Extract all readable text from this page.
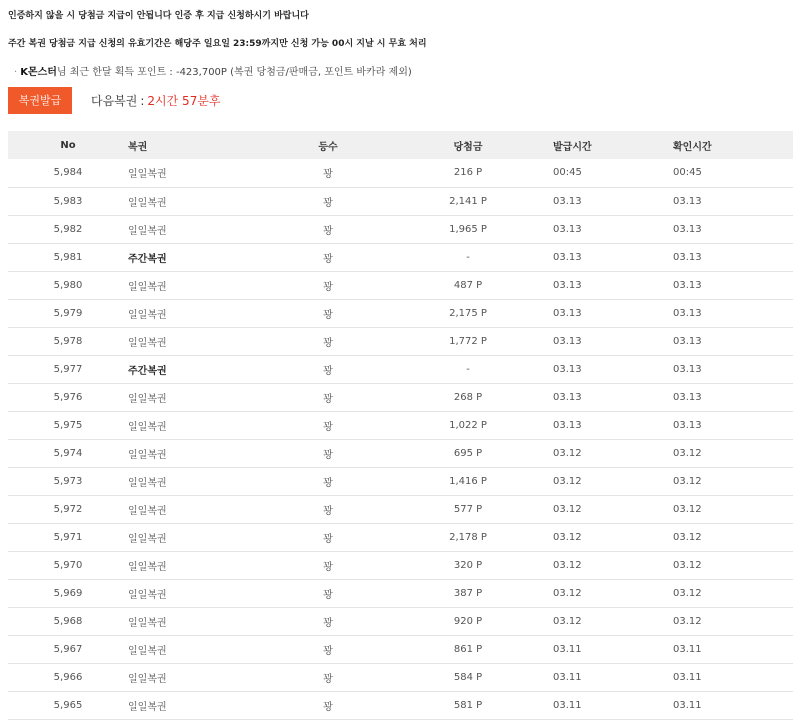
인증하지 않을 시 당첨금 지급이 안됩니다 인증 후 지급 신청하시기 바랍니다
주간 복권 당첨금 지급 신청의 유효기간은 해당주 일요일 23:59까지만 신청 가능 00시 지날 시 무효 처리
· K몬스터님 최근 한달 획득 포인트 : -423,700P (복권 당첨금/판매금, 포인트 바카라 제외)
복권발급	다음복권 : 2시간 57분후
No	복권	등수	당첨금	발급시간	확인시간
5,984	일일복권	꽝	216 P	00:45	00:45
5,983	일일복권	꽝	2,141 P	03.13	03.13
5,982	일일복권	꽝	1,965 P	03.13	03.13
5,981	주간복권	꽝	-	03.13	03.13
5,980	일일복권	꽝	487 P	03.13	03.13
5,979	일일복권	꽝	2,175 P	03.13	03.13
5,978	일일복권	꽝	1,772 P	03.13	03.13
5,977	주간복권	꽝	-	03.13	03.13
5,976	일일복권	꽝	268 P	03.13	03.13
5,975	일일복권	꽝	1,022 P	03.13	03.13
5,974	일일복권	꽝	695 P	03.12	03.12
5,973	일일복권	꽝	1,416 P	03.12	03.12
5,972	일일복권	꽝	577 P	03.12	03.12
5,971	일일복권	꽝	2,178 P	03.12	03.12
5,970	일일복권	꽝	320 P	03.12	03.12
5,969	일일복권	꽝	387 P	03.12	03.12
5,968	일일복권	꽝	920 P	03.12	03.12
5,967	일일복권	꽝	861 P	03.11	03.11
5,966	일일복권	꽝	584 P	03.11	03.11
5,965	일일복권	꽝	581 P	03.11	03.11
